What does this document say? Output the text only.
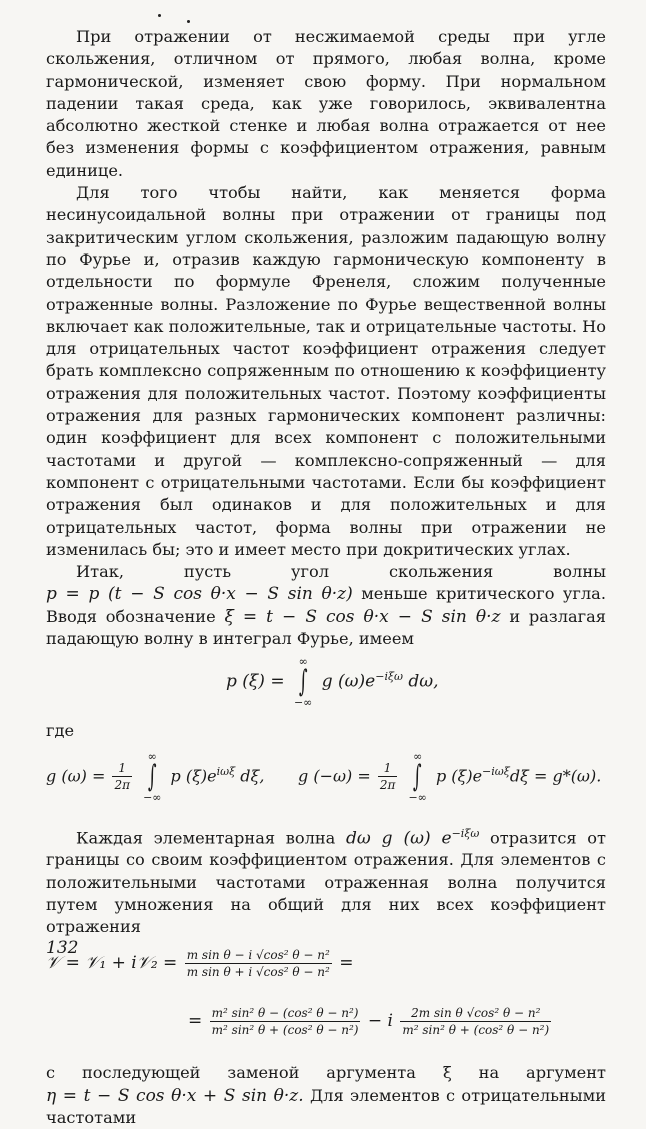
При отражении от несжимаемой среды при угле скольжения, отличном от прямого, любая волна, кроме гармонической, изменяет свою форму. При нормальном падении такая среда, как уже говорилось, эквивалентна абсолютно жесткой стенке и любая волна отражается от нее без изменения формы с коэффициентом отражения, равным единице.

Для того чтобы найти, как меняется форма несинусоидальной волны при отражении от границы под закритическим углом скольжения, разложим падающую волну по Фурье и, отразив каждую гармоническую компоненту в отдельности по формуле Френеля, сложим полученные отраженные волны. Разложение по Фурье вещественной волны включает как положительные, так и отрицательные частоты. Но для отрицательных частот коэффициент отражения следует брать комплексно сопряженным по отношению к коэффициенту отражения для положительных частот. Поэтому коэффициенты отражения для разных гармонических компонент различны: один коэффициент для всех компонент с положительными частотами и другой — комплексно-сопряженный — для компонент с отрицательными частотами. Если бы коэффициент отражения был одинаков и для положительных и для отрицательных частот, форма волны при отражении не изменилась бы; это и имеет место при докритических углах.

Итак, пусть угол скольжения волны p = p (t − S cos θ·x − S sin θ·z) меньше критического угла. Вводя обозначение ξ = t − S cos θ·x − S sin θ·z и разлагая падающую волну в интеграл Фурье, имеем

p (ξ) =
∞
∫
−∞
g $(\omega)e^{-i\xi\omega}$ dω,

где

g $(\omega) = \frac{1}{2\pi}$

∞
∫
−∞
p $(\xi)e^{i\omega\xi}$ dξ, g $(-\omega) = \frac{1}{2\pi}$

∞
∫
−∞
p $(\xi)e^{-i\omega\xi}d\xi = g*(\omega)$.

Каждая элементарная волна dω g (ω) $e^{-i\xi\omega}$ отразится от границы со своим коэффициентом отражения. Для элементов с положительными частотами отраженная волна получится путем умножения на общий для них всех коэффициент отражения

𝒱 = 𝒱₁ + i𝒱₂ = $\frac{\text{m sin θ − i √cos² θ − n²}}{\text{m sin θ + i √cos² θ − n²}}$ =
= $\frac{\text{m² sin² θ − (cos² θ − n²)}}{\text{m² sin² θ + (cos² θ − n²)}} - i \frac{\text{2m sin θ √cos² θ − n²}}{\text{m² sin² θ + (cos² θ − n²)}}$

с последующей заменой аргумента ξ на аргумент η = t − S cos θ·x + S sin θ·z. Для элементов с отрицательными частотами

132
